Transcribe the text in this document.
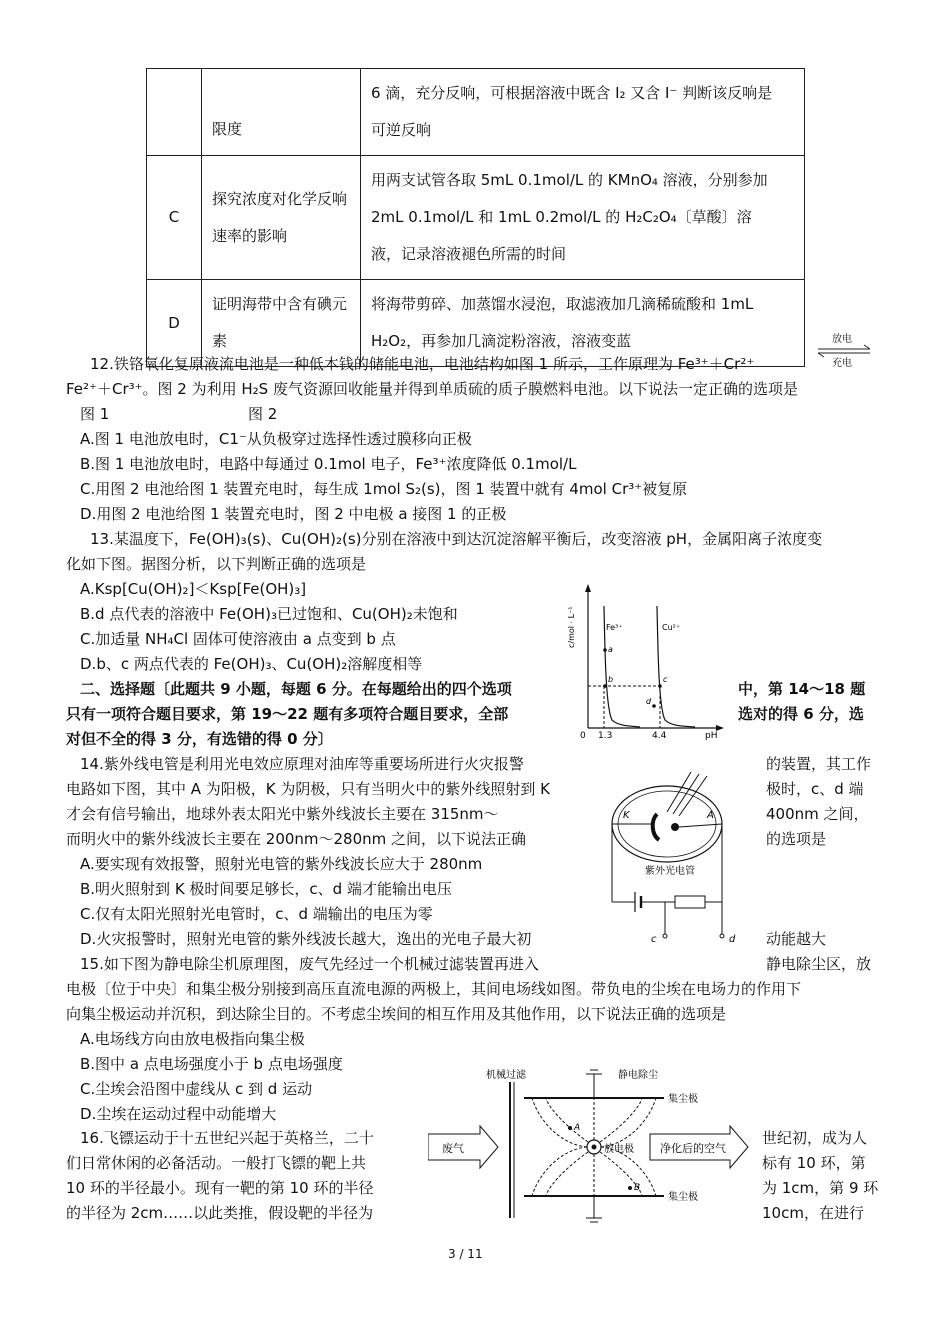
	限度	6 滴，充分反响，可根据溶液中既含 I₂ 又含 I⁻ 判断该反响是
可逆反响

C	探究浓度对化学反响速率的影响	用两支试管各取 5mL 0.1mol/L 的 KMnO₄ 溶液，分别参加
2mL 0.1mol/L 和 1mL 0.2mol/L 的 H₂C₂O₄〔草酸〕溶
液，记录溶液褪色所需的时间

D	证明海带中含有碘元素	将海带剪碎、加蒸馏水浸泡，取滤液加几滴稀硫酸和 1mL
H₂O₂，再参加几滴淀粉溶液，溶液变蓝	放电
充电
12.铁铬氧化复原液流电池是一种低本钱的储能电池，电池结构如图 1 所示，工作原理为 Fe³⁺＋Cr²⁺
Fe²⁺＋Cr³⁺。图 2 为利用 H₂S 废气资源回收能量并得到单质硫的质子膜燃料电池。以下说法一定正确的选项是
图 1	图 2
A.图 1 电池放电时，C1⁻从负极穿过选择性透过膜移向正极
B.图 1 电池放电时，电路中每通过 0.1mol 电子，Fe³⁺浓度降低 0.1mol/L
C.用图 2 电池给图 1 装置充电时，每生成 1mol S₂(s)，图 1 装置中就有 4mol Cr³⁺被复原
D.用图 2 电池给图 1 装置充电时，图 2 中电极 a 接图 1 的正极
13.某温度下，Fe(OH)₃(s)、Cu(OH)₂(s)分别在溶液中到达沉淀溶解平衡后，改变溶液 pH，金属阳离子浓度变
化如下图。据图分析，以下判断正确的选项是
A.Ksp[Cu(OH)₂]＜Ksp[Fe(OH)₃]
B.d 点代表的溶液中 Fe(OH)₃已过饱和、Cu(OH)₂未饱和
C.加适量 NH₄Cl 固体可使溶液由 a 点变到 b 点
D.b、c 两点代表的 Fe(OH)₃、Cu(OH)₂溶解度相等
c/mol · L⁻¹
pH
0 1.3	4.4
Fe³⁺	Cu²⁺
a
b	c
d
二、选择题〔此题共 9 小题，每题 6 分。在每题给出的四个选项	中，第 14～18 题
只有一项符合题目要求，第 19～22 题有多项符合题目要求，全部	选对的得 6 分，选
对但不全的得 3 分，有选错的得 0 分〕
14.紫外线电管是利用光电效应原理对油库等重要场所进行火灾报警
电路如下图，其中 A 为阳极，K 为阴极，只有当明火中的紫外线照射到 K
才会有信号输出，地球外表太阳光中紫外线波长主要在 315nm～
而明火中的紫外线波长主要在 200nm～280nm 之间，以下说法正确
的装置，其工作
极时，c、d 端
400nm 之间，
的选项是
A.要实现有效报警，照射光电管的紫外线波长应大于 280nm
B.明火照射到 K 极时间要足够长，c、d 端才能输出电压
C.仅有太阳光照射光电管时，c、d 端输出的电压为零
D.火灾报警时，照射光电管的紫外线波长越大，逸出的光电子最大初	动能越大
K	A
紫外光电管
c	d
15.如下图为静电除尘机原理图，废气先经过一个机械过滤装置再进入	静电除尘区，放
电极〔位于中央〕和集尘极分别接到高压直流电源的两极上，其间电场线如图。带负电的尘埃在电场力的作用下
向集尘极运动并沉积，到达除尘目的。不考虑尘埃间的相互作用及其他作用，以下说法正确的选项是
A.电场线方向由放电极指向集尘极
B.图中 a 点电场强度小于 b 点电场强度
C.尘埃会沿图中虚线从 c 到 d 运动
D.尘埃在运动过程中动能增大
机械过滤	静电除尘
集尘极
集尘极
A
B
放电极
废气	净化后的空气
16.飞镖运动于十五世纪兴起于英格兰，二十	世纪初，成为人
们日常休闲的必备活动。一般打飞镖的靶上共	标有 10 环，第
10 环的半径最小。现有一靶的第 10 环的半径	为 1cm，第 9 环
的半径为 2cm……以此类推，假设靶的半径为	10cm，在进行
3 / 11
